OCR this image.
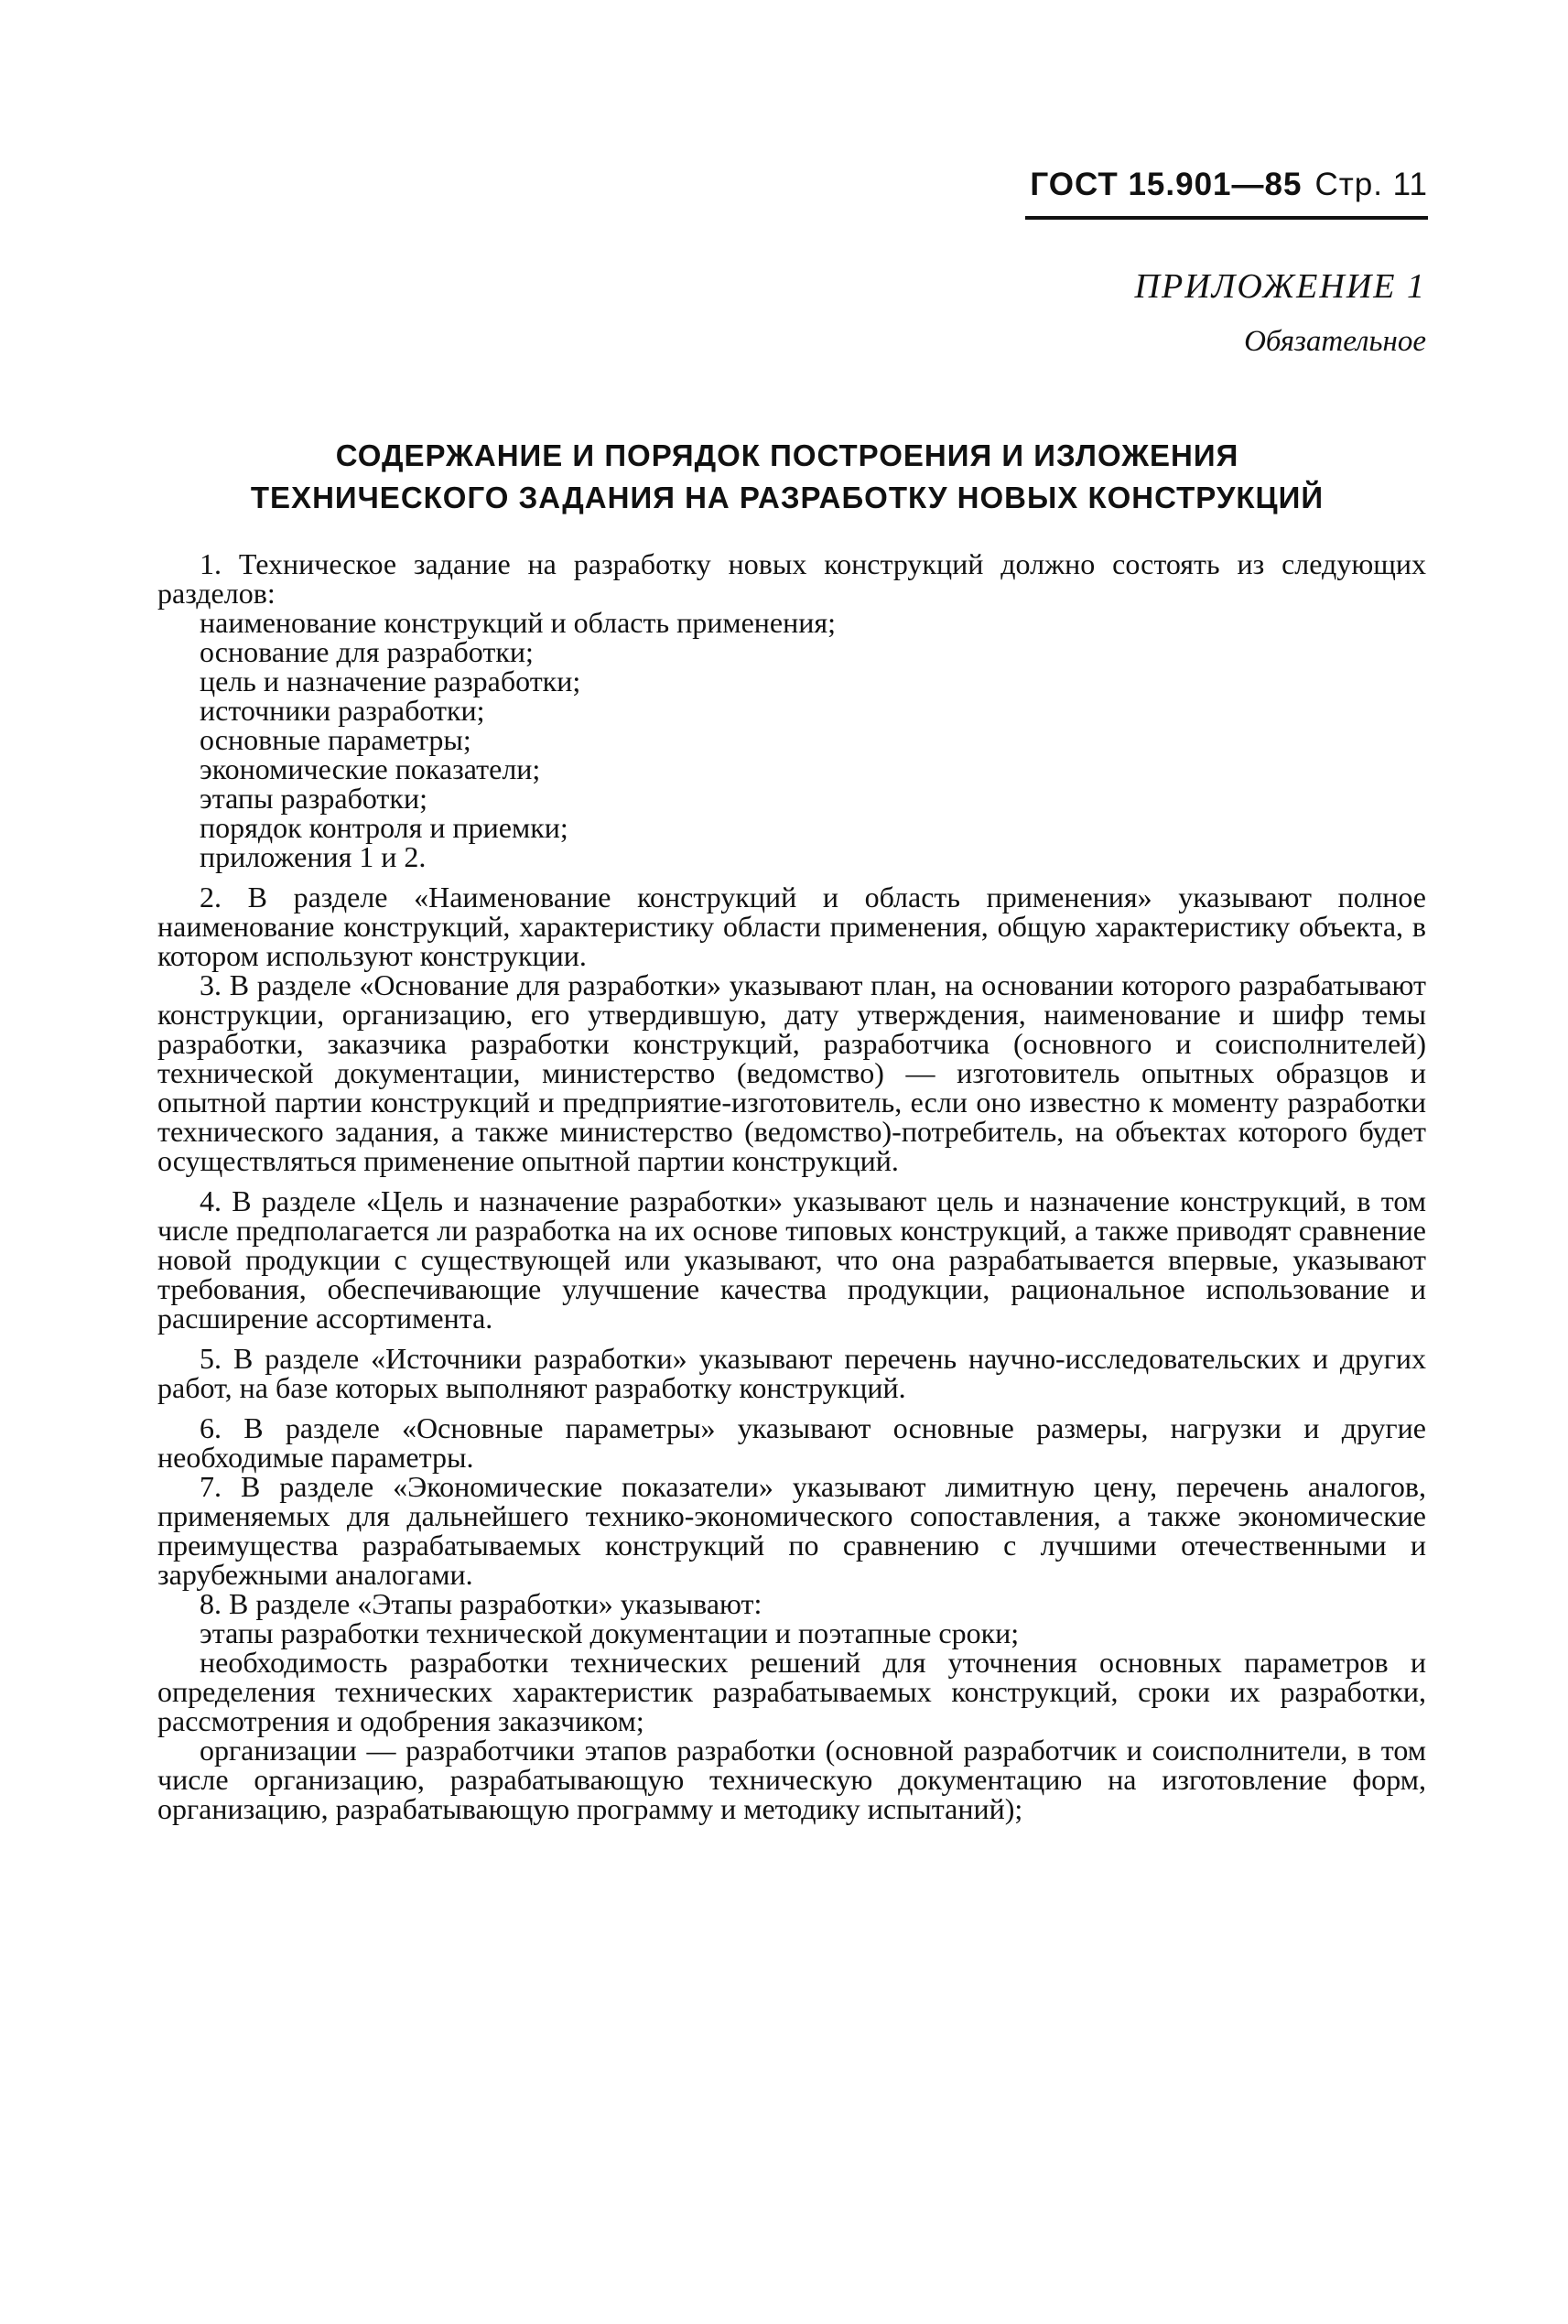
ГОСТ 15.901—85 Стр. 11
ПРИЛОЖЕНИЕ 1
Обязательное
СОДЕРЖАНИЕ И ПОРЯДОК ПОСТРОЕНИЯ И ИЗЛОЖЕНИЯ
ТЕХНИЧЕСКОГО ЗАДАНИЯ НА РАЗРАБОТКУ НОВЫХ КОНСТРУКЦИЙ

1. Техническое задание на разработку новых конструкций должно состоять из следующих разделов:

наименование конструкций и область применения;

основание для разработки;

цель и назначение разработки;

источники разработки;

основные параметры;

экономические показатели;

этапы разработки;

порядок контроля и приемки;

приложения 1 и 2.

2. В разделе «Наименование конструкций и область применения» указывают полное наименование конструкций, характеристику области применения, общую характеристику объекта, в котором используют конструкции.

3. В разделе «Основание для разработки» указывают план, на основании которого разрабатывают конструкции, организацию, его утвердившую, дату утверждения, наименование и шифр темы разработки, заказчика разработки конструкций, разработчика (основного и соисполнителей) технической документации, министерство (ведомство) — изготовитель опытных образцов и опытной партии конструкций и предприятие-изготовитель, если оно известно к моменту разработки технического задания, а также министерство (ведомство)-потребитель, на объектах которого будет осуществляться применение опытной партии конструкций.

4. В разделе «Цель и назначение разработки» указывают цель и назначение конструкций, в том числе предполагается ли разработка на их основе типовых конструкций, а также приводят сравнение новой продукции с существующей или указывают, что она разрабатывается впервые, указывают требования, обеспечивающие улучшение качества продукции, рациональное использование и расширение ассортимента.

5. В разделе «Источники разработки» указывают перечень научно-исследовательских и других работ, на базе которых выполняют разработку конструкций.

6. В разделе «Основные параметры» указывают основные размеры, нагрузки и другие необходимые параметры.

7. В разделе «Экономические показатели» указывают лимитную цену, перечень аналогов, применяемых для дальнейшего технико-экономического сопоставления, а также экономические преимущества разрабатываемых конструкций по сравнению с лучшими отечественными и зарубежными аналогами.

8. В разделе «Этапы разработки» указывают:

этапы разработки технической документации и поэтапные сроки;

необходимость разработки технических решений для уточнения основных параметров и определения технических характеристик разрабатываемых конструкций, сроки их разработки, рассмотрения и одобрения заказчиком;

организации — разработчики этапов разработки (основной разработчик и соисполнители, в том числе организацию, разрабатывающую техническую документацию на изготовление форм, организацию, разрабатывающую программу и методику испытаний);
